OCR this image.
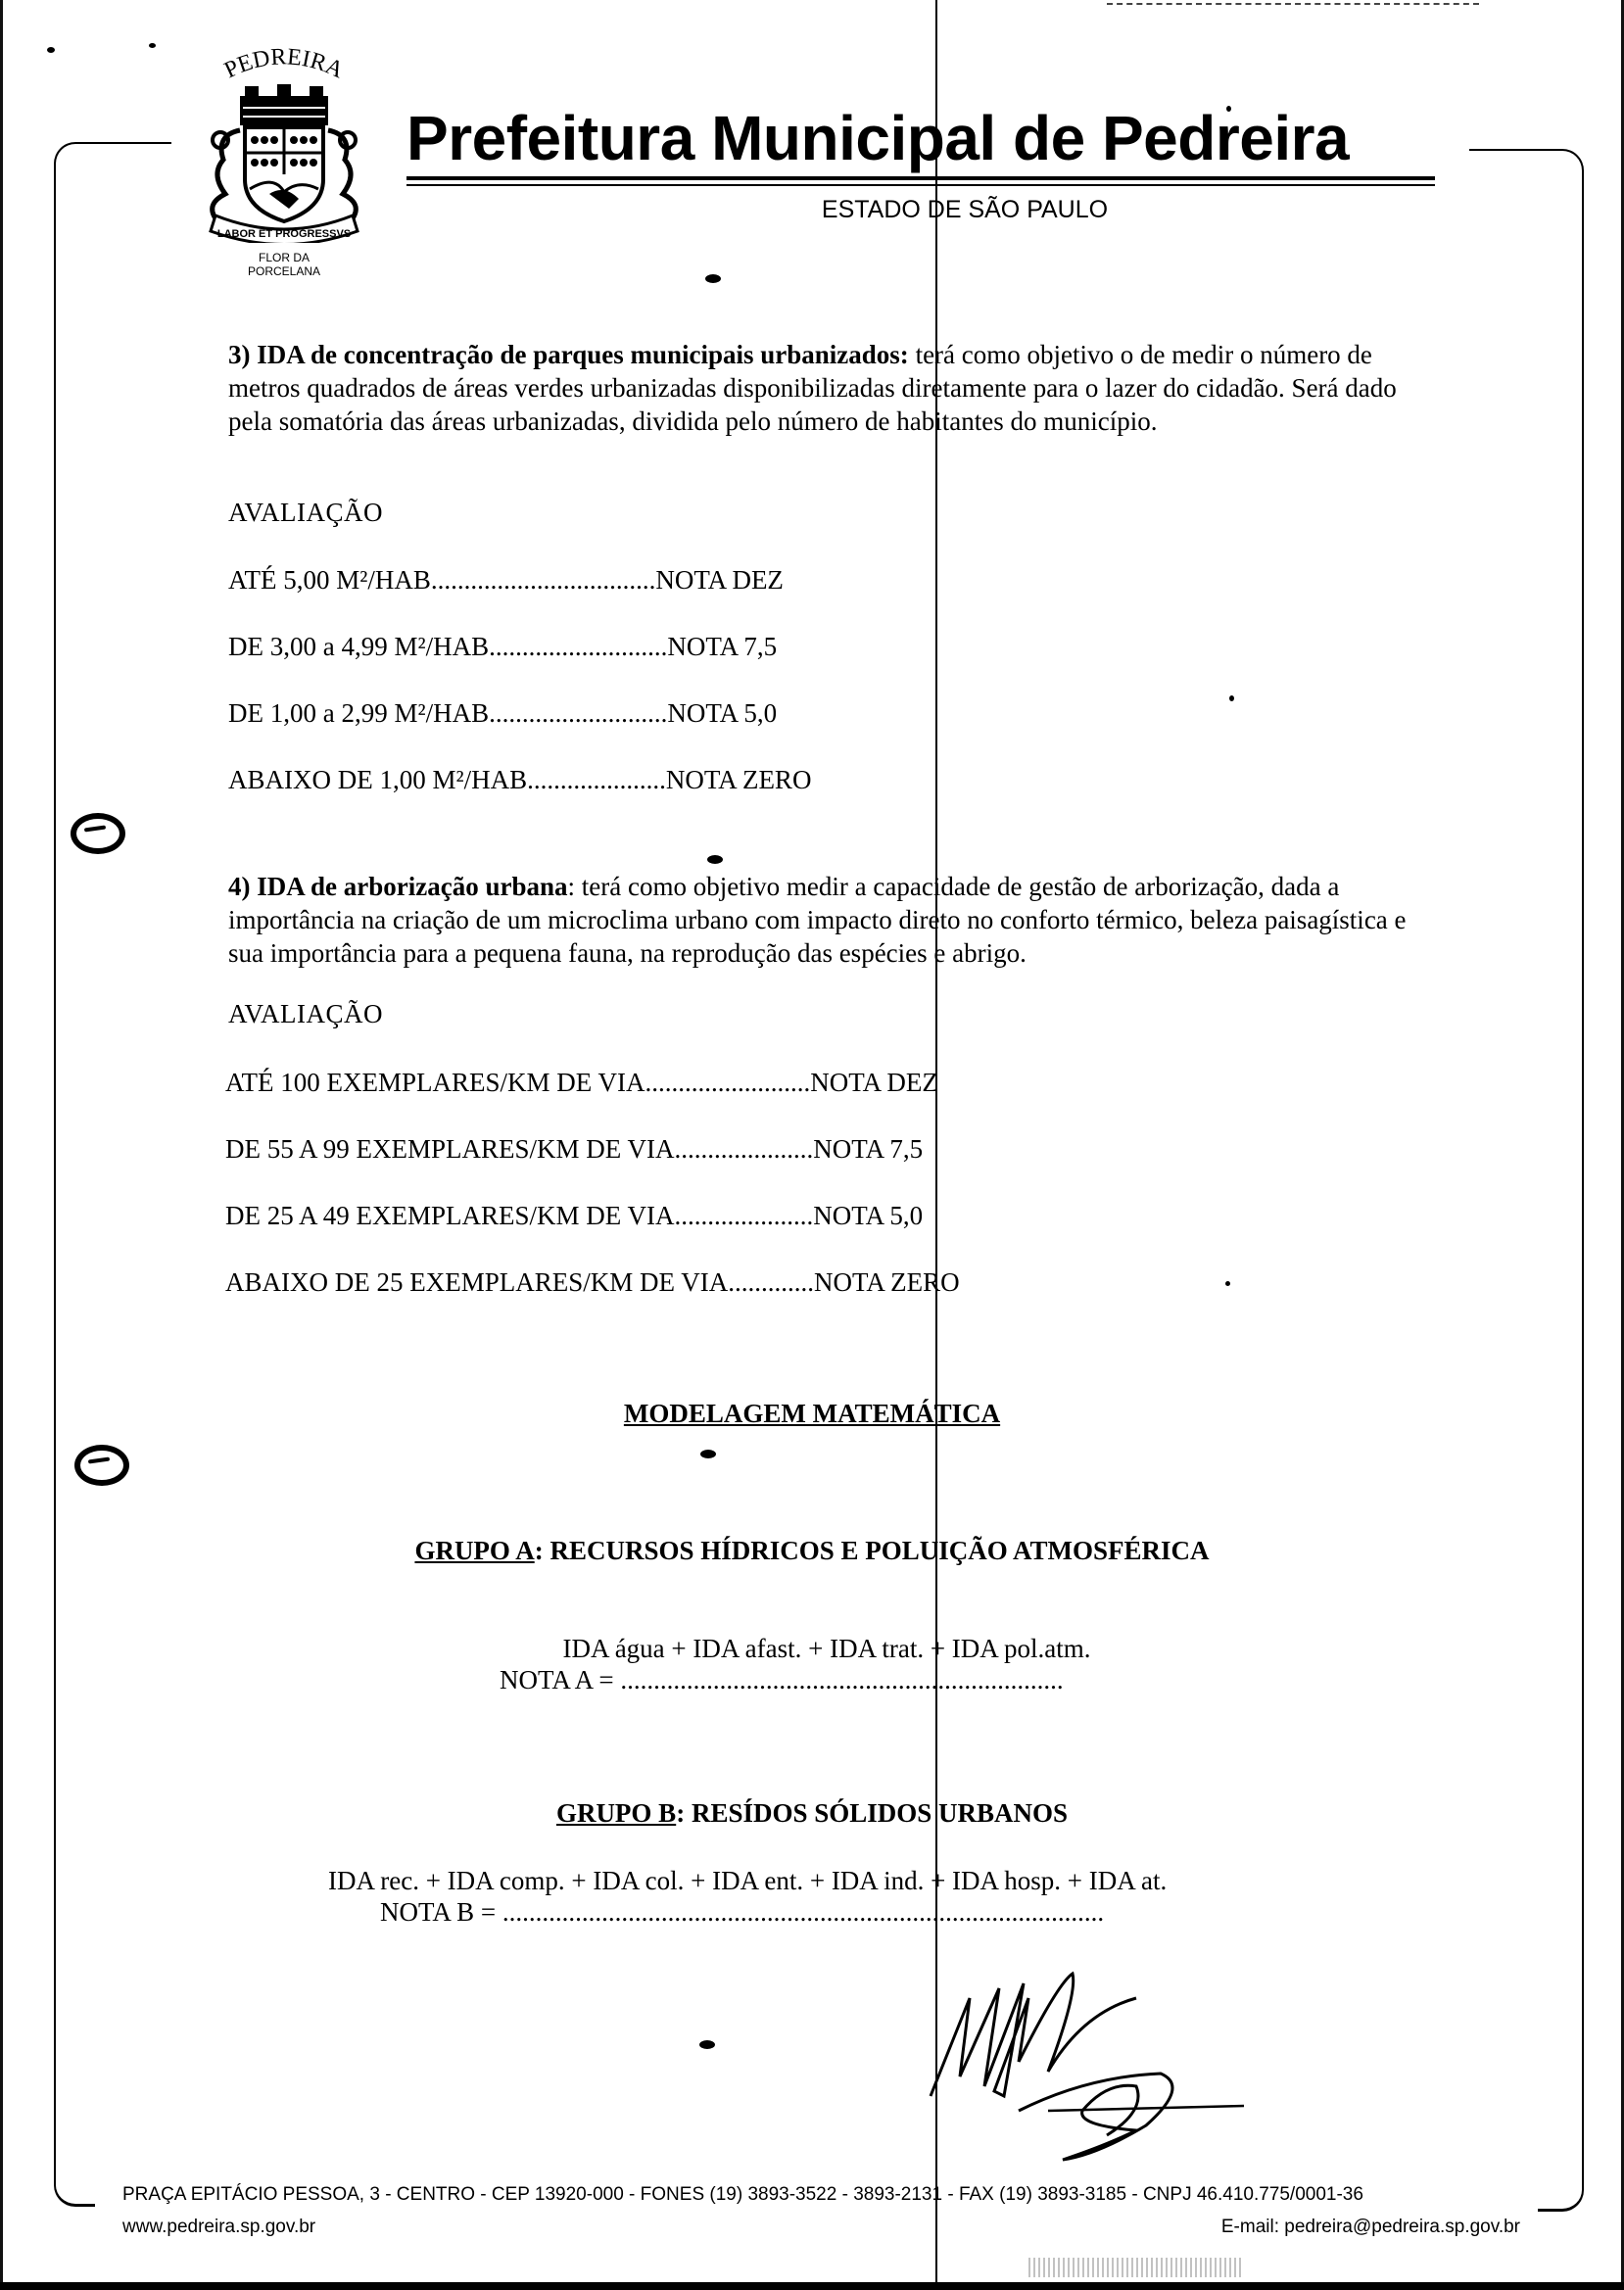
PEDREIRA
LABOR ET PROGRESSVS
FLOR DA
PORCELANA
Prefeitura Municipal de Pedreira
ESTADO DE SÃO PAULO
3) IDA de concentração de parques municipais urbanizados: terá como objetivo o de medir o número de metros quadrados de áreas verdes urbanizadas disponibilizadas diretamente para o lazer do cidadão. Será dado pela somatória das áreas urbanizadas, dividida pelo número de habitantes do município.
AVALIAÇÃO
ATÉ 5,00 M²/HAB..................................NOTA DEZ
DE 3,00 a 4,99 M²/HAB...........................NOTA 7,5
DE 1,00 a 2,99 M²/HAB...........................NOTA 5,0
ABAIXO DE 1,00 M²/HAB.....................NOTA ZERO
4) IDA de arborização urbana: terá como objetivo medir a capacidade de gestão de arborização, dada a importância na criação de um microclima urbano com impacto direto no conforto térmico, beleza paisagística e sua importância para a pequena fauna, na reprodução das espécies e abrigo.
AVALIAÇÃO
ATÉ 100 EXEMPLARES/KM DE VIA.........................NOTA DEZ
DE 55 A 99 EXEMPLARES/KM DE VIA.....................NOTA 7,5
DE 25 A 49 EXEMPLARES/KM DE VIA.....................NOTA 5,0
ABAIXO DE 25 EXEMPLARES/KM DE VIA.............NOTA ZERO
MODELAGEM MATEMÁTICA
GRUPO A: RECURSOS HÍDRICOS E POLUIÇÃO ATMOSFÉRICA
IDA água + IDA afast. + IDA trat. + IDA pol.atm.
NOTA A = ...................................................................
GRUPO B: RESÍDOS SÓLIDOS URBANOS
IDA rec. + IDA comp. + IDA col. + IDA ent. + IDA ind. + IDA hosp. + IDA at.
NOTA B = ...........................................................................................
PRAÇA EPITÁCIO PESSOA, 3 - CENTRO - CEP 13920-000 - FONES (19) 3893-3522 - 3893-2131 - FAX (19) 3893-3185 - CNPJ 46.410.775/0001-36
www.pedreira.sp.gov.br	E-mail: pedreira@pedreira.sp.gov.br
